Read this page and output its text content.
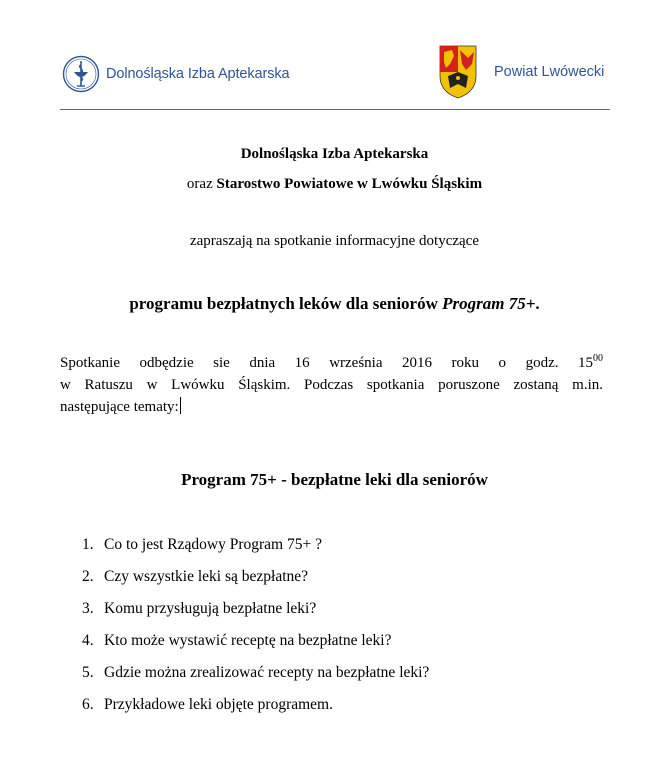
Dolnośląska Izba Aptekarska	Powiat Lwówecki
Dolnośląska Izba Aptekarska
oraz Starostwo Powiatowe w Lwówku Śląskim
zapraszają na spotkanie informacyjne dotyczące
programu bezpłatnych leków dla seniorów Program 75+.
Spotkanie odbędzie sie dnia 16 września 2016 roku o godz. $15^{00}$
w Ratuszu w Lwówku Śląskim. Podczas spotkania poruszone zostaną m.in.
następujące tematy:
Program 75+ - bezpłatne leki dla seniorów
1. Co to jest Rządowy Program 75+ ?
2. Czy wszystkie leki są bezpłatne?
3. Komu przysługują bezpłatne leki?
4. Kto może wystawić receptę na bezpłatne leki?
5. Gdzie można zrealizować recepty na bezpłatne leki?
6. Przykładowe leki objęte programem.
